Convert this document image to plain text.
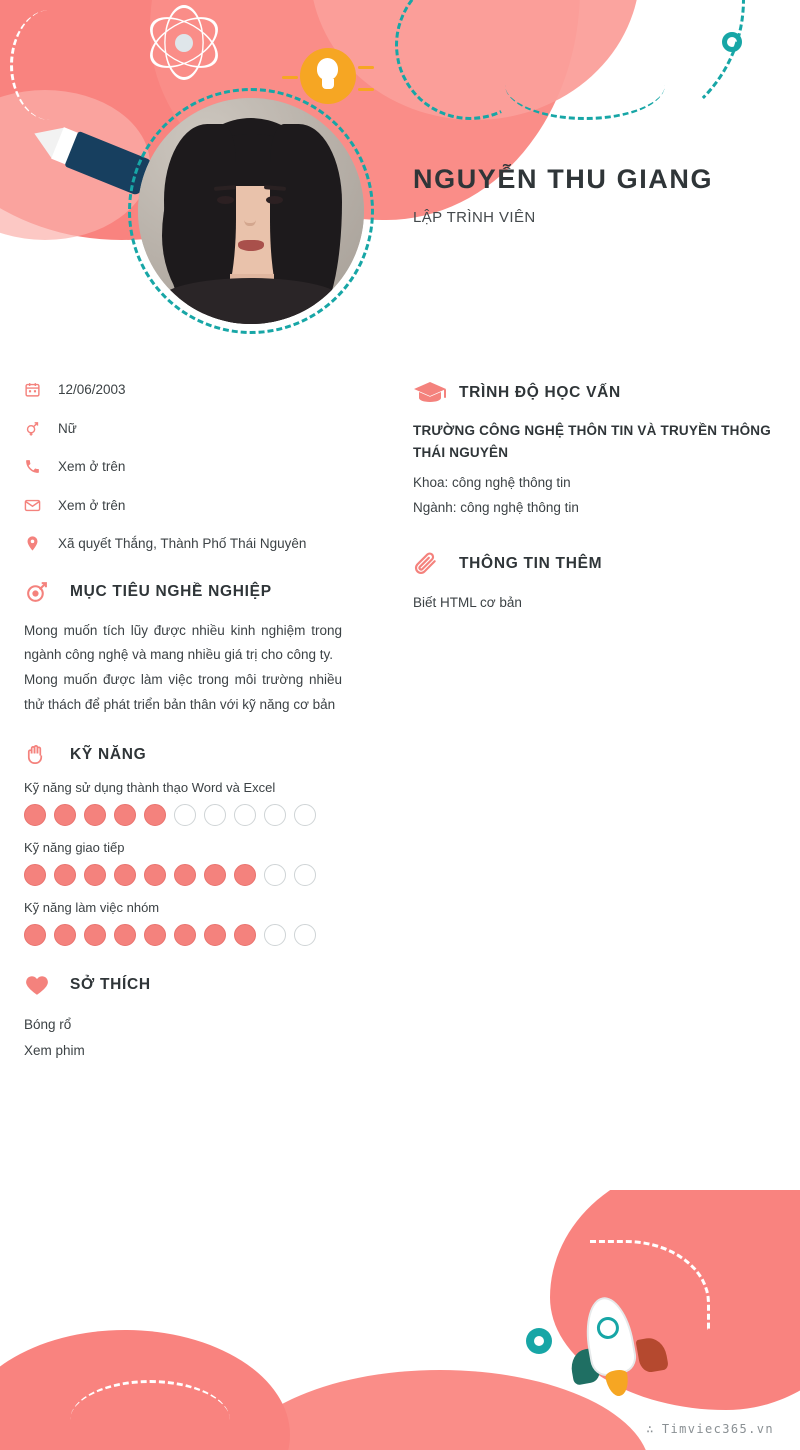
NGUYỄN THU GIANG
LẬP TRÌNH VIÊN
12/06/2003
Nữ
Xem ở trên
Xem ở trên
Xã quyết Thắng, Thành Phố Thái Nguyên
MỤC TIÊU NGHỀ NGHIỆP

Mong muốn tích lũy được nhiều kinh nghiệm trong ngành công nghệ và mang nhiều giá trị cho công ty.

Mong muốn được làm việc trong môi trường nhiều thử thách để phát triển bản thân với kỹ năng cơ bản

KỸ NĂNG
Kỹ năng sử dụng thành thạo Word và Excel
Kỹ năng giao tiếp
Kỹ năng làm việc nhóm
SỞ THÍCH
Bóng rổ
Xem phim
TRÌNH ĐỘ HỌC VẤN
TRƯỜNG CÔNG NGHỆ THÔN TIN VÀ TRUYỀN THÔNG THÁI NGUYÊN
Khoa: công nghệ thông tin
Ngành: công nghệ thông tin
THÔNG TIN THÊM
Biết HTML cơ bản
∴ Timviec365.vn
